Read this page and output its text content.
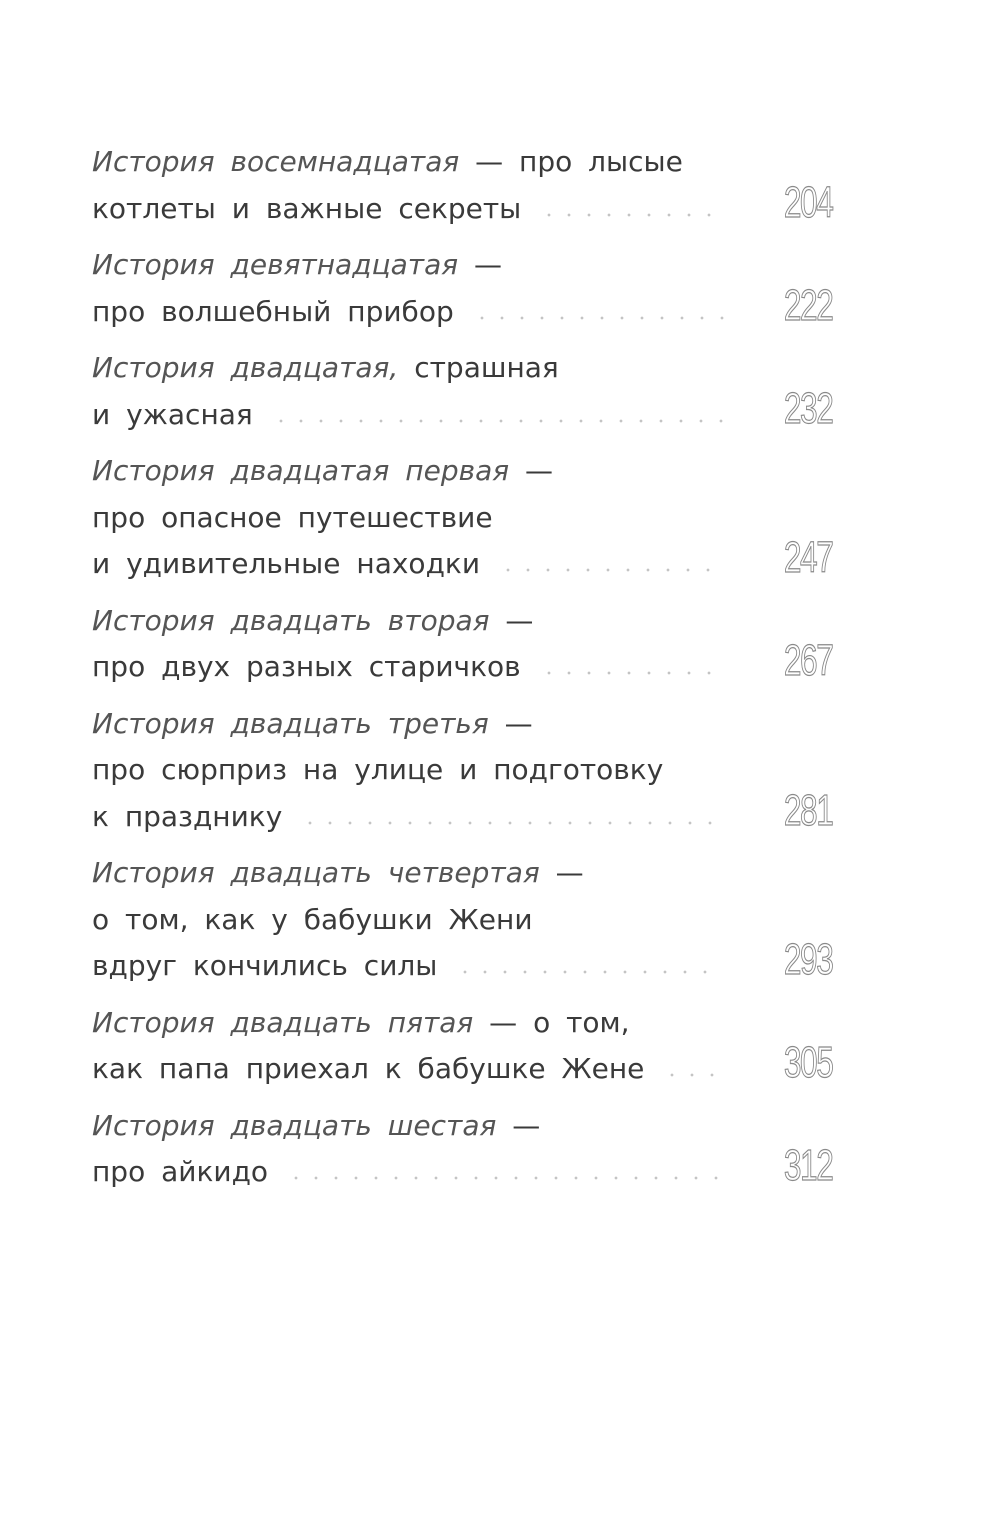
История восемнадцатая — про лысые
котлеты и важные секреты	204
История девятнадцатая —
про волшебный прибор	222
История двадцатая, страшная
и ужасная	232
История двадцатая первая —
про опасное путешествие
и удивительные находки	247
История двадцать вторая —
про двух разных старичков	267
История двадцать третья —
про сюрприз на улице и подготовку
к празднику	281
История двадцать четвертая —
о том, как у бабушки Жени
вдруг кончились силы	293
История двадцать пятая — о том,
как папа приехал к бабушке Жене	305
История двадцать шестая —
про айкидо	312
